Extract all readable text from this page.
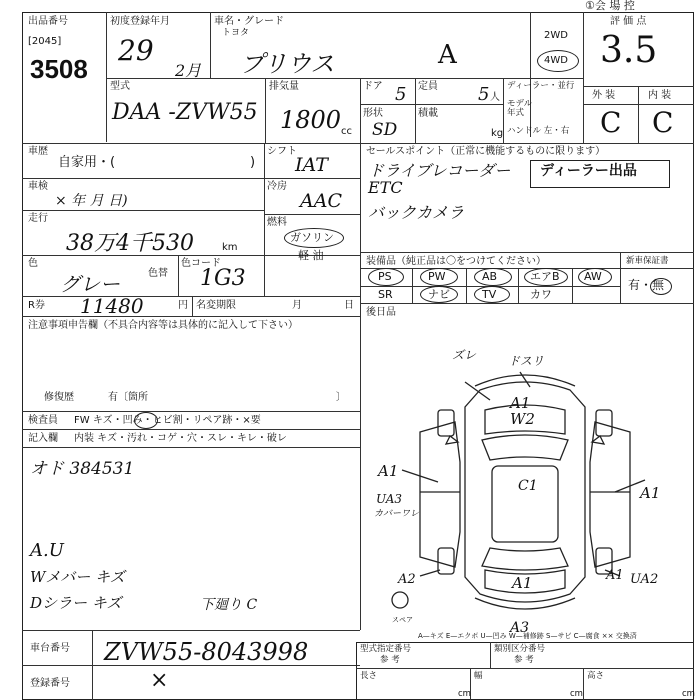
①会 場 控
出品番号
[2045]
3508
初度登録年月
29
2月
車名・グレード
トヨタ
プリウス	A
2WD
4WD
評 価 点
3.5
型式
DAA -ZVW55
排気量
1800 cc
ドア 5 定員 5 人
形状
SD
積載
kg
ディーラー・並行
モデル年式
ハンドル 左・右
外 装	内 装
C C
車歴
自家用・(	)
車検
× 年 月 日)
走行
38万4千530	km
シフト
IAT
冷房
AAC
燃料
ガソリン
軽 油
色
グレー	色替
色コード
1G3
R券 11480	円 名変期限	月	日
セールスポイント（正常に機能するものに限ります）
ドライブレコーダー
ETC
バックカメラ
ディーラー出品
装備品（純正品は〇をつけてください）	新車保証書
有・無
PS	PW	AB	エアB AW
SR	ナビ	TV	カワ
後日品
注意事項申告欄（不具合内容等は具体的に記入して下さい）
修復歴	有〔箇所	〕
検査員 FW キズ・凹み・ヒビ割・リペア跡・×要
記入欄 内装 キズ・汚れ・コゲ・穴・スレ・キレ・破レ
オド 384531
A.U
Wメバー キズ
Dシラー キズ	下廻り C
ズレ	ドスリ
A1
W2
A1
C1	A1
UA3
カバーワレ
A1
A2	A1 UA2
A3
スペア
A—キズ E—エクボ U—凹み W—補修跡 S—サビ C—腐食 ×× 交換済
車台番号 ZVW55-8043998
登録番号	×
型式指定番号
参 考
類別区分番号
参 考
長さ
cm
幅
cm
高さ
cm
